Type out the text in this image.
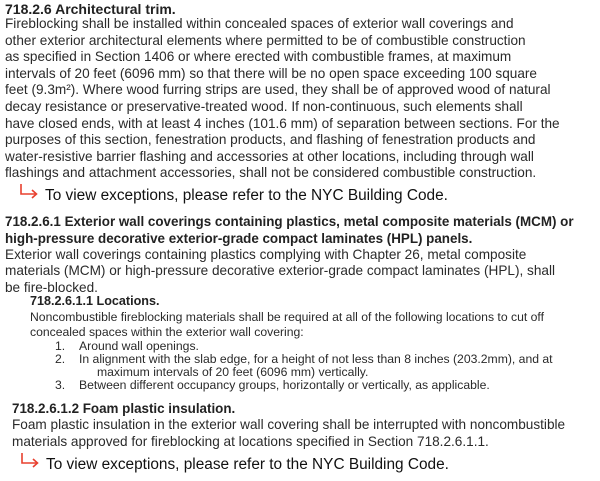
718.2.6 Architectural trim.
Fireblocking shall be installed within concealed spaces of exterior wall coverings and
other exterior architectural elements where permitted to be of combustible construction
as specified in Section 1406 or where erected with combustible frames, at maximum
intervals of 20 feet (6096 mm) so that there will be no open space exceeding 100 square
feet (9.3m²). Where wood furring strips are used, they shall be of approved wood of natural
decay resistance or preservative-treated wood. If non-continuous, such elements shall
have closed ends, with at least 4 inches (101.6 mm) of separation between sections. For the
purposes of this section, fenestration products, and flashing of fenestration products and
water-resistive barrier flashing and accessories at other locations, including through wall
flashings and attachment accessories, shall not be considered combustible construction.
To view exceptions, please refer to the NYC Building Code.
718.2.6.1 Exterior wall coverings containing plastics, metal composite materials (MCM) or
high-pressure decorative exterior-grade compact laminates (HPL) panels.
Exterior wall coverings containing plastics complying with Chapter 26, metal composite
materials (MCM) or high-pressure decorative exterior-grade compact laminates (HPL), shall
be fire-blocked.
718.2.6.1.1 Locations.
Noncombustible fireblocking materials shall be required at all of the following locations to cut off
concealed spaces within the exterior wall covering:
1. Around wall openings.
2. In alignment with the slab edge, for a height of not less than 8 inches (203.2mm), and at
maximum intervals of 20 feet (6096 mm) vertically.
3. Between different occupancy groups, horizontally or vertically, as applicable.
718.2.6.1.2 Foam plastic insulation.
Foam plastic insulation in the exterior wall covering shall be interrupted with noncombustible
materials approved for fireblocking at locations specified in Section 718.2.6.1.1.
To view exceptions, please refer to the NYC Building Code.
